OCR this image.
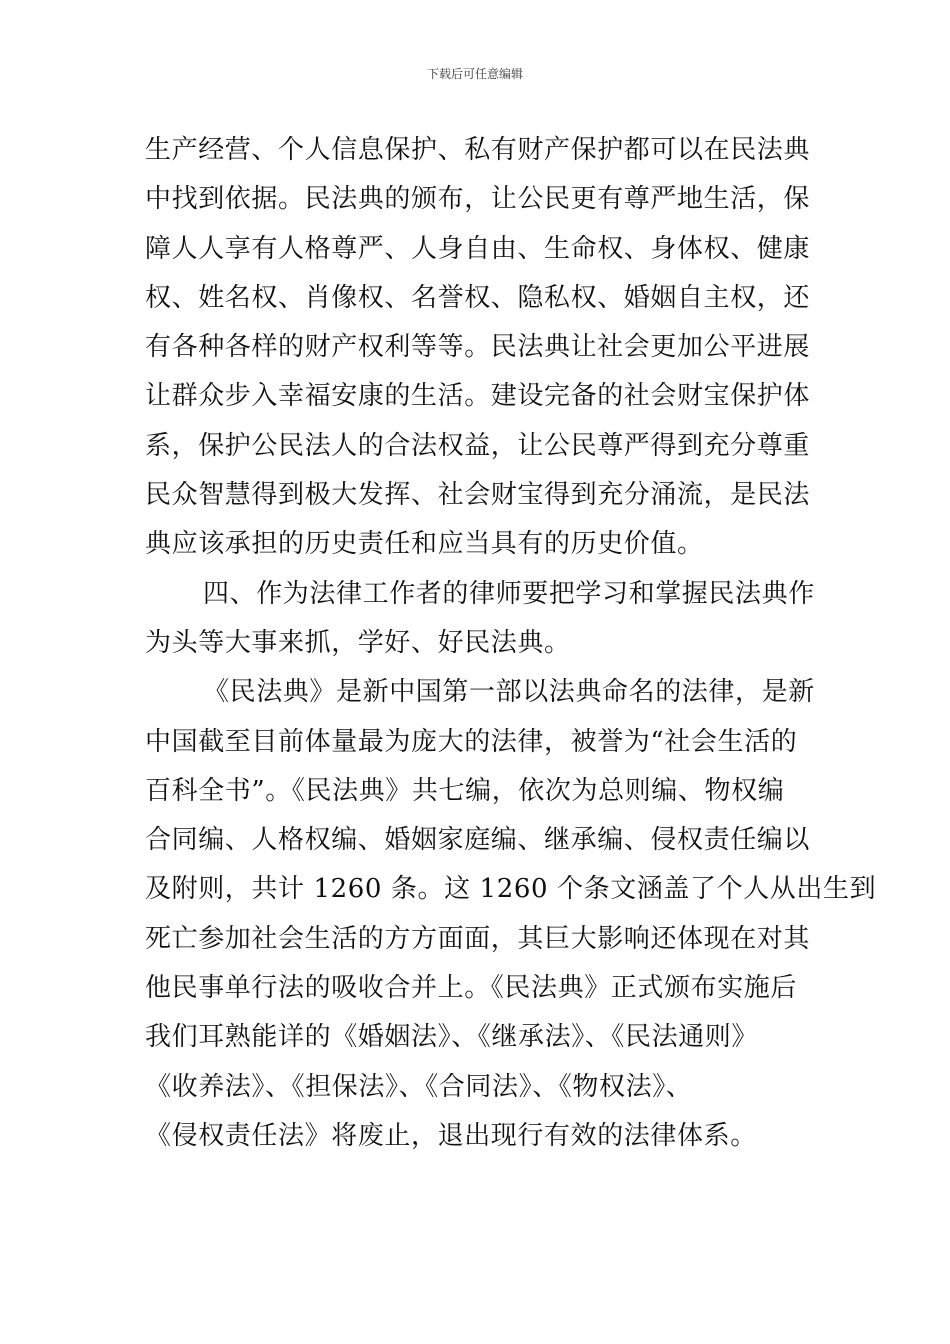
下载后可任意编辑
生产经营、个人信息保护、私有财产保护都可以在民法典
中找到依据。民法典的颁布，让公民更有尊严地生活，保
障人人享有人格尊严、人身自由、生命权、身体权、健康
权、姓名权、肖像权、名誉权、隐私权、婚姻自主权，还
有各种各样的财产权利等等。民法典让社会更加公平进展
让群众步入幸福安康的生活。建设完备的社会财宝保护体
系，保护公民法人的合法权益，让公民尊严得到充分尊重
民众智慧得到极大发挥、社会财宝得到充分涌流，是民法
典应该承担的历史责任和应当具有的历史价值。
四、作为法律工作者的律师要把学习和掌握民法典作
为头等大事来抓，学好、好民法典。
《民法典》是新中国第一部以法典命名的法律，是新
中国截至目前体量最为庞大的法律，被誉为“社会生活的
百科全书”。《民法典》共七编，依次为总则编、物权编
合同编、人格权编、婚姻家庭编、继承编、侵权责任编以
及附则，共计 1260 条。这 1260 个条文涵盖了个人从出生到
死亡参加社会生活的方方面面，其巨大影响还体现在对其
他民事单行法的吸收合并上。《民法典》正式颁布实施后
我们耳熟能详的《婚姻法》、《继承法》、《民法通则》
《收养法》、《担保法》、《合同法》、《物权法》、
《侵权责任法》将废止，退出现行有效的法律体系。
